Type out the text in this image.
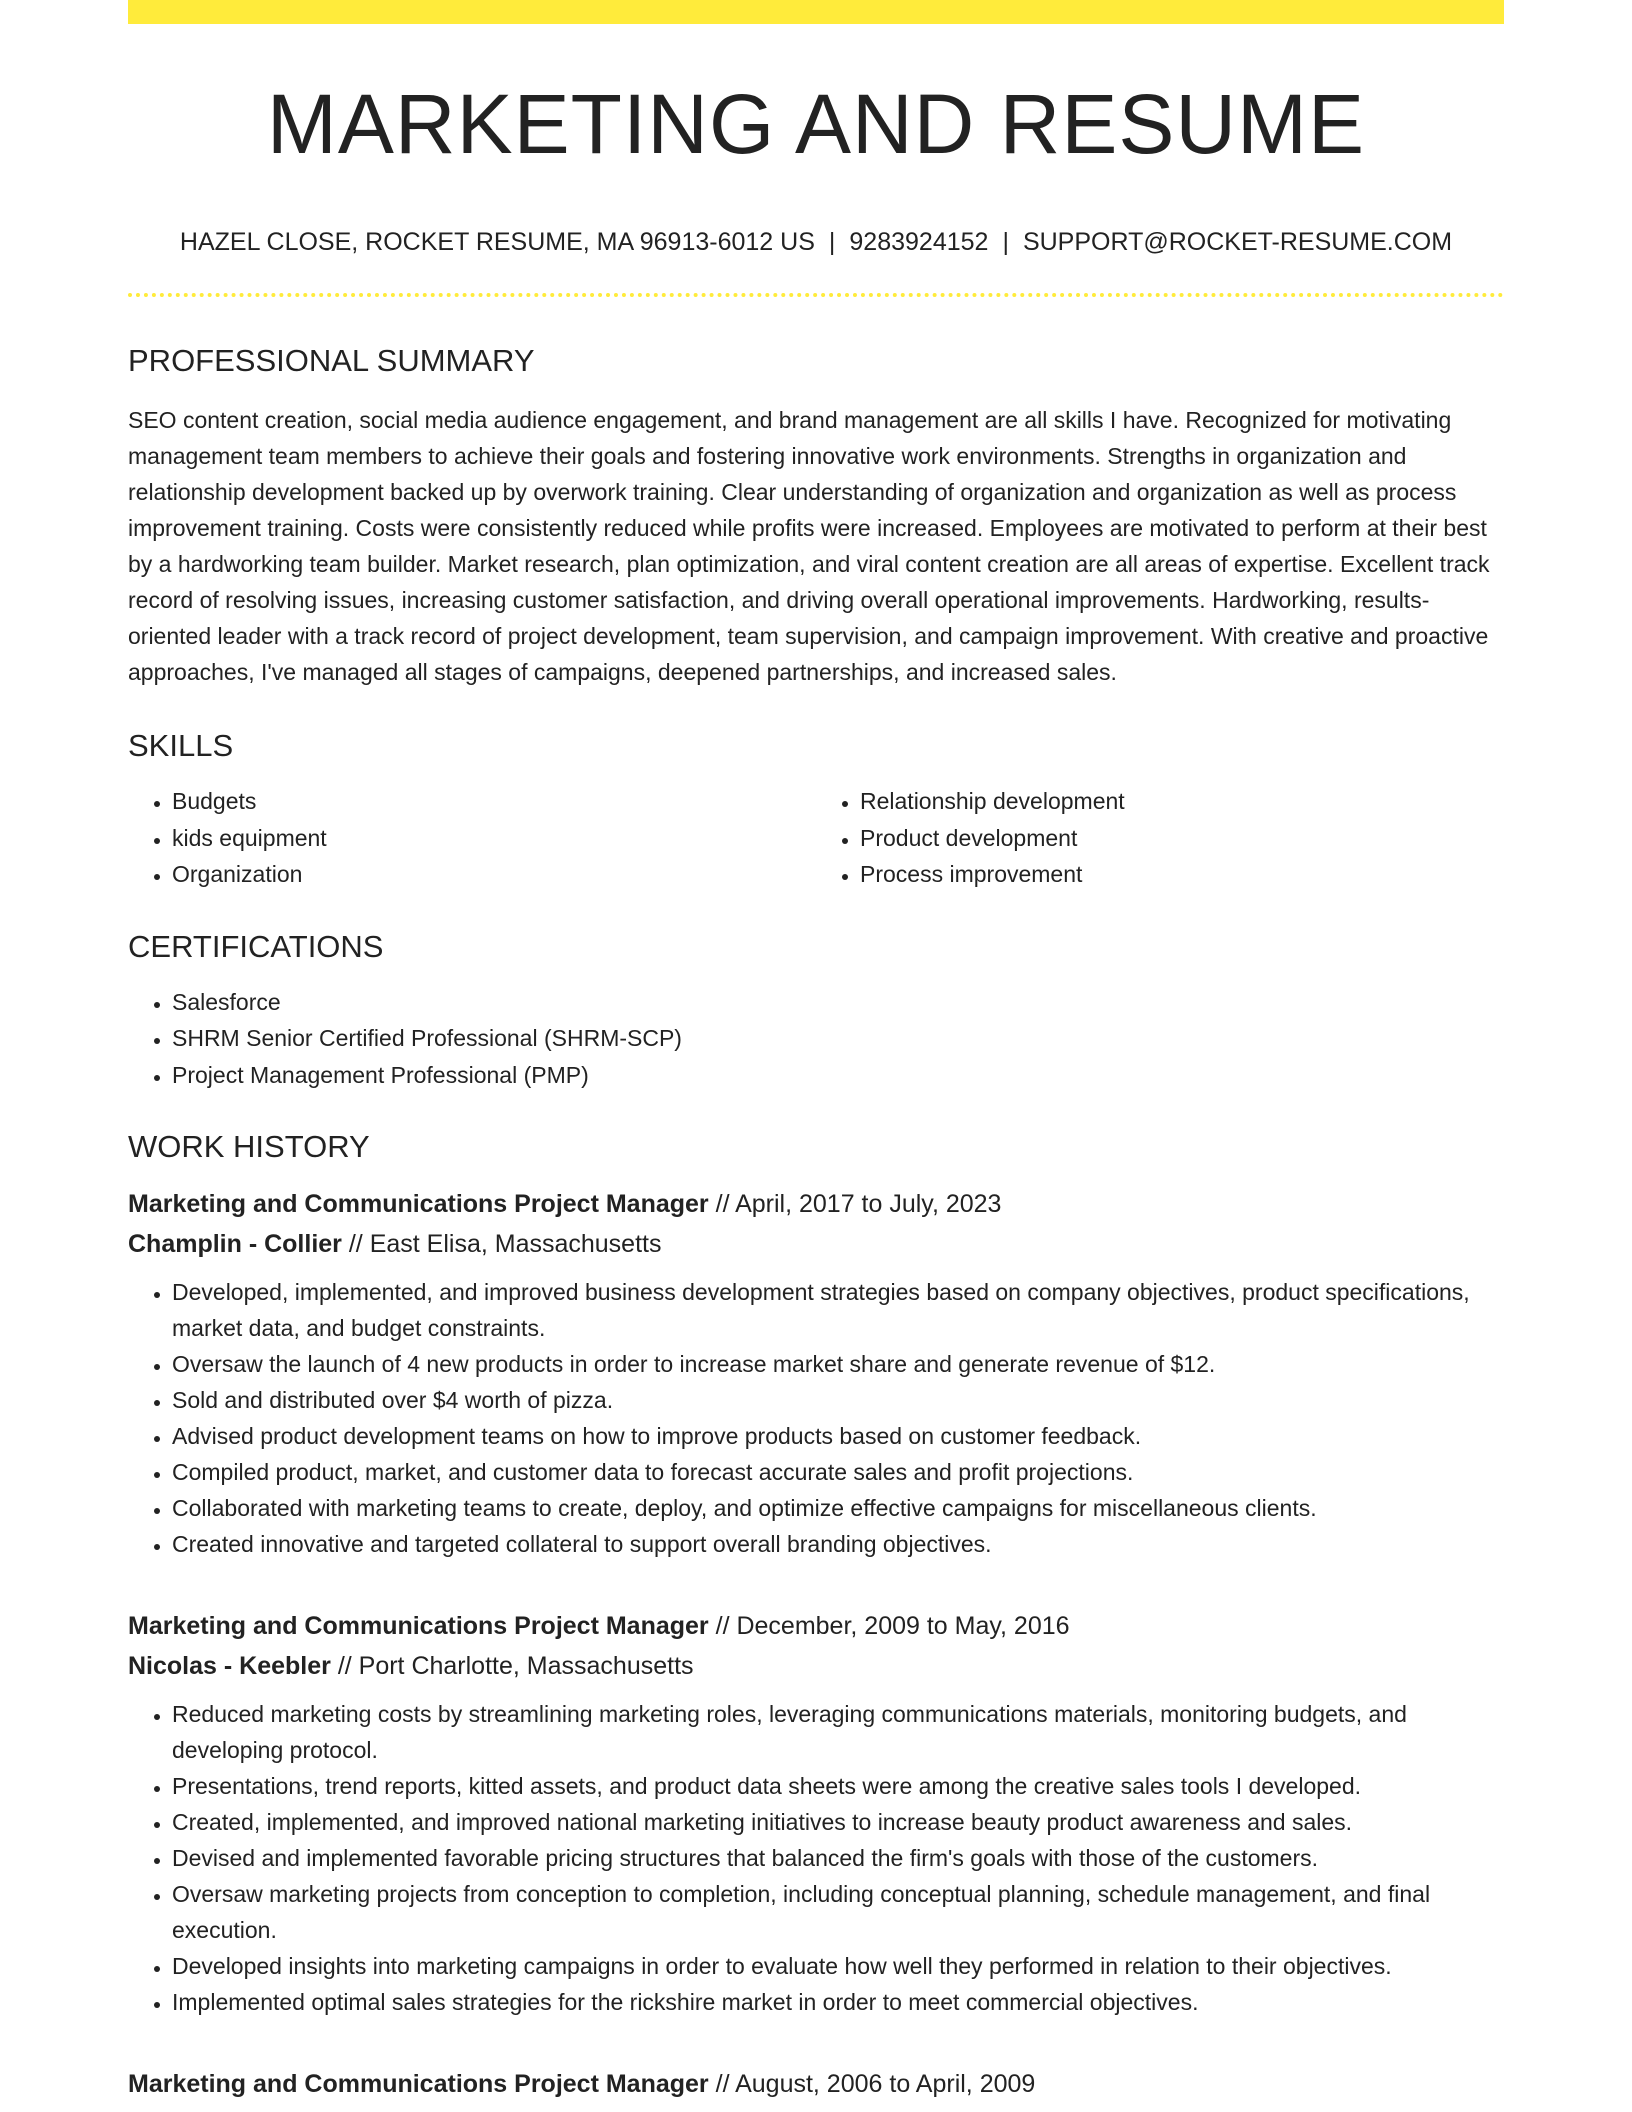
MARKETING AND RESUME
HAZEL CLOSE, ROCKET RESUME, MA 96913-6012 US | 9283924152 | SUPPORT@ROCKET-RESUME.COM
PROFESSIONAL SUMMARY

SEO content creation, social media audience engagement, and brand management are all skills I have. Recognized for motivating management team members to achieve their goals and fostering innovative work environments. Strengths in organization and relationship development backed up by overwork training. Clear understanding of organization and organization as well as process improvement training. Costs were consistently reduced while profits were increased. Employees are motivated to perform at their best by a hardworking team builder. Market research, plan optimization, and viral content creation are all areas of expertise. Excellent track record of resolving issues, increasing customer satisfaction, and driving overall operational improvements. Hardworking, results-oriented leader with a track record of project development, team supervision, and campaign improvement. With creative and proactive approaches, I've managed all stages of campaigns, deepened partnerships, and increased sales.

SKILLS
• Budgets
• kids equipment
• Organization
• Relationship development
• Product development
• Process improvement
CERTIFICATIONS
• Salesforce
• SHRM Senior Certified Professional (SHRM-SCP)
• Project Management Professional (PMP)
WORK HISTORY
Marketing and Communications Project Manager // April, 2017 to July, 2023
Champlin - Collier // East Elisa, Massachusetts
• Developed, implemented, and improved business development strategies based on company objectives, product specifications, market data, and budget constraints.
• Oversaw the launch of 4 new products in order to increase market share and generate revenue of $12.
• Sold and distributed over $4 worth of pizza.
• Advised product development teams on how to improve products based on customer feedback.
• Compiled product, market, and customer data to forecast accurate sales and profit projections.
• Collaborated with marketing teams to create, deploy, and optimize effective campaigns for miscellaneous clients.
• Created innovative and targeted collateral to support overall branding objectives.
Marketing and Communications Project Manager // December, 2009 to May, 2016
Nicolas - Keebler // Port Charlotte, Massachusetts
• Reduced marketing costs by streamlining marketing roles, leveraging communications materials, monitoring budgets, and developing protocol.
• Presentations, trend reports, kitted assets, and product data sheets were among the creative sales tools I developed.
• Created, implemented, and improved national marketing initiatives to increase beauty product awareness and sales.
• Devised and implemented favorable pricing structures that balanced the firm's goals with those of the customers.
• Oversaw marketing projects from conception to completion, including conceptual planning, schedule management, and final execution.
• Developed insights into marketing campaigns in order to evaluate how well they performed in relation to their objectives.
• Implemented optimal sales strategies for the rickshire market in order to meet commercial objectives.
Marketing and Communications Project Manager // August, 2006 to April, 2009
